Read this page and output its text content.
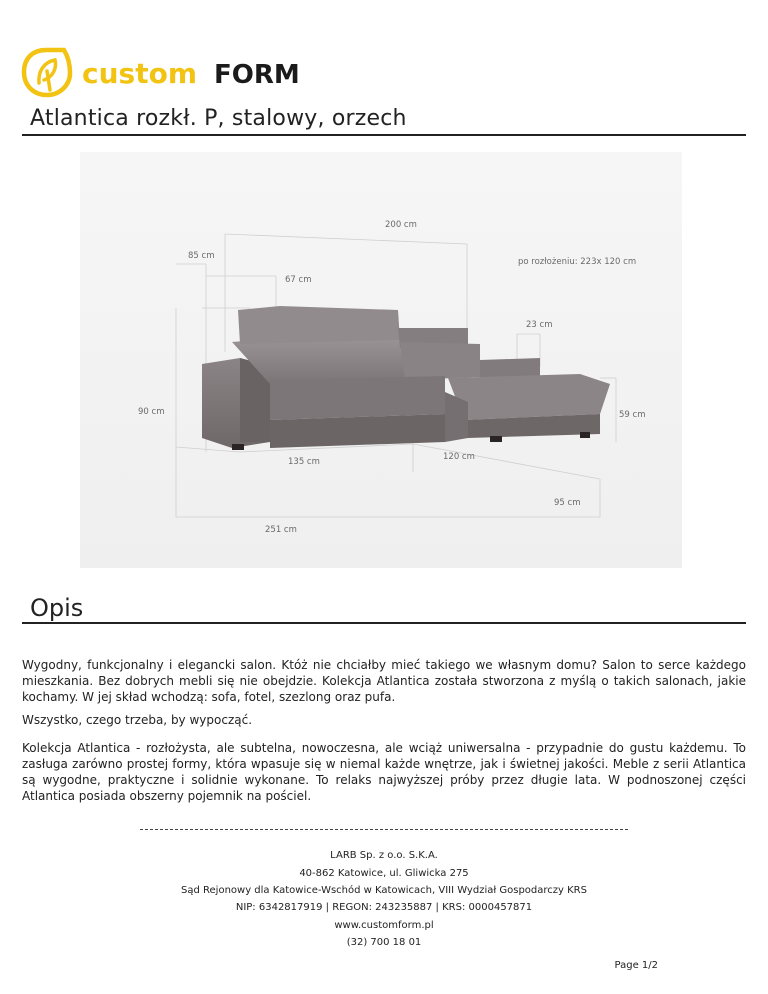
custom FORM
Atlantica rozkł. P, stalowy, orzech
200 cm
85 cm
po rozłożeniu: 223x 120 cm
67 cm
23 cm
90 cm	59 cm
135 cm	120 cm
95 cm
251 cm
Opis
Wygodny, funkcjonalny i elegancki salon. Któż nie chciałby mieć takiego we własnym domu? Salon to serce każdego mieszkania. Bez dobrych mebli się nie obejdzie. Kolekcja Atlantica została stworzona z myślą o takich salonach, jakie kochamy. W jej skład wchodzą: sofa, fotel, szezlong oraz pufa.
Wszystko, czego trzeba, by wypocząć.
Kolekcja Atlantica - rozłożysta, ale subtelna, nowoczesna, ale wciąż uniwersalna - przypadnie do gustu każdemu. To zasługa zarówno prostej formy, która wpasuje się w niemal każde wnętrze, jak i świetnej jakości. Meble z serii Atlantica są wygodne, praktyczne i solidnie wykonane. To relaks najwyższej próby przez długie lata. W podnoszonej części Atlantica posiada obszerny pojemnik na pościel.
LARB Sp. z o.o. S.K.A.
40-862 Katowice, ul. Gliwicka 275
Sąd Rejonowy dla Katowice-Wschód w Katowicach, VIII Wydział Gospodarczy KRS
NIP: 6342817919 | REGON: 243235887 | KRS: 0000457871
www.customform.pl
(32) 700 18 01
Page 1/2
